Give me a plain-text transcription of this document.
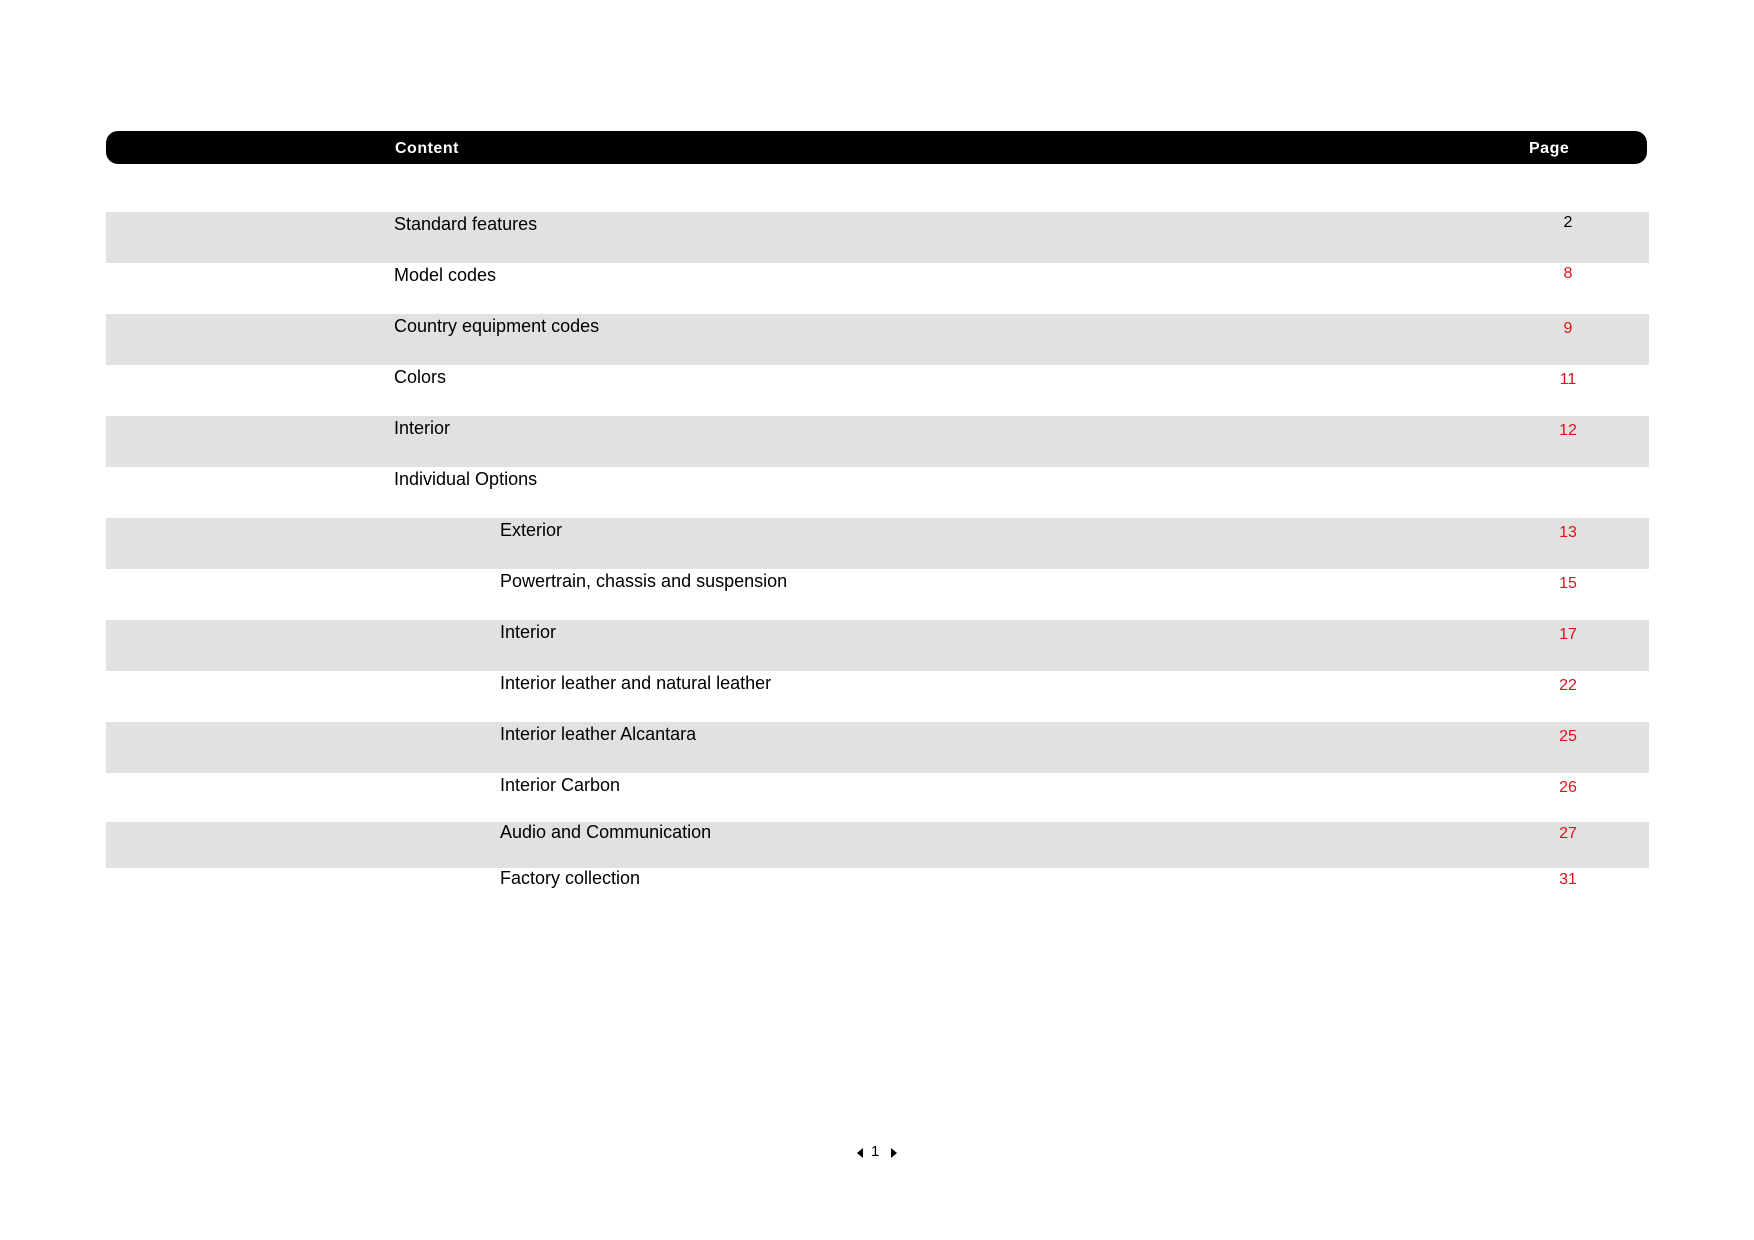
Content	Page
Standard features	2
Model codes	8
Country equipment codes	9
Colors	11
Interior	12
Individual Options
Exterior	13
Powertrain, chassis and suspension	15
Interior	17
Interior leather and natural leather	22
Interior leather Alcantara	25
Interior Carbon	26
Audio and Communication	27
Factory collection	31
1
